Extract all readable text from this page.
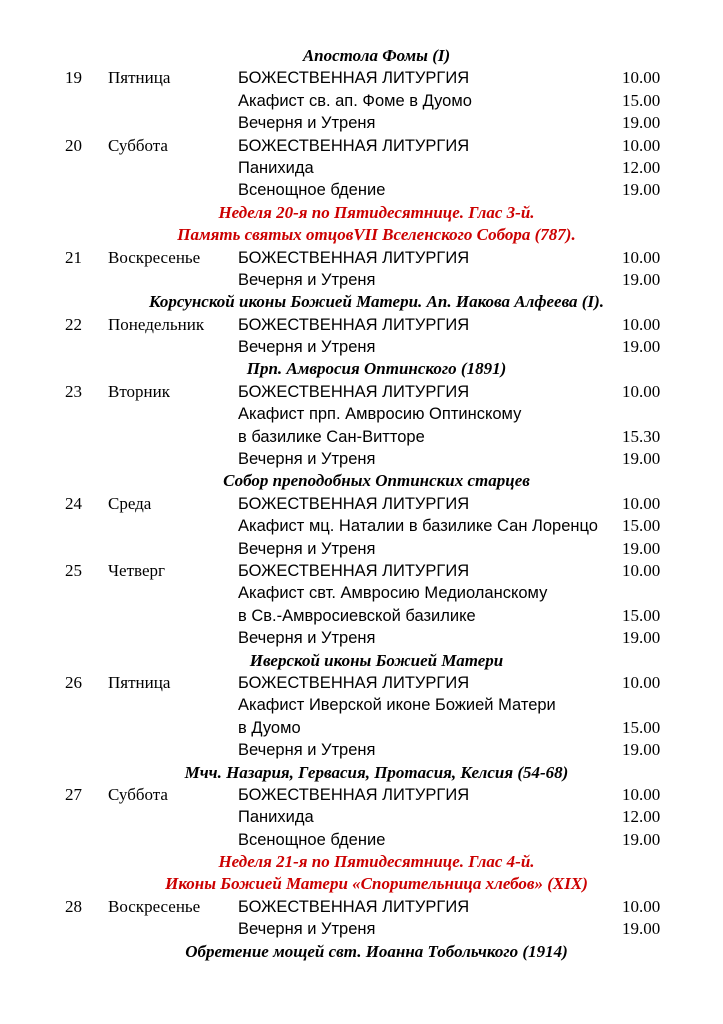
Апостола Фомы (I)
19 Пятница	БОЖЕСТВЕННАЯ ЛИТУРГИЯ	10.00
Акафист св. ап. Фоме в Дуомо	15.00
Вечерня и Утреня	19.00
20 Суббота	БОЖЕСТВЕННАЯ ЛИТУРГИЯ	10.00
Панихида	12.00
Всенощное бдение	19.00
Неделя 20-я по Пятидесятнице. Глас 3-й.
Память святых отцовVII Вселенского Собора (787).
21 Воскресенье БОЖЕСТВЕННАЯ ЛИТУРГИЯ	10.00
Вечерня и Утреня	19.00
Корсунской иконы Божией Матери. Ап. Иакова Алфеева (I).
22 Понедельник БОЖЕСТВЕННАЯ ЛИТУРГИЯ	10.00
Вечерня и Утреня	19.00
Прп. Амвросия Оптинского (1891)
23 Вторник	БОЖЕСТВЕННАЯ ЛИТУРГИЯ	10.00
Акафист прп. Амвросию Оптинскому
в базилике Сан-Витторе	15.30
Вечерня и Утреня	19.00
Собор преподобных Оптинских старцев
24 Среда	БОЖЕСТВЕННАЯ ЛИТУРГИЯ	10.00
Акафист мц. Наталии в базилике Сан Лоренцо 15.00
Вечерня и Утреня	19.00
25 Четверг	БОЖЕСТВЕННАЯ ЛИТУРГИЯ	10.00
Акафист свт. Амвросию Медиоланскому
в Св.-Амвросиевской базилике	15.00
Вечерня и Утреня	19.00
Иверской иконы Божией Матери
26 Пятница	БОЖЕСТВЕННАЯ ЛИТУРГИЯ	10.00
Акафист Иверской иконе Божией Матери
в Дуомо	15.00
Вечерня и Утреня	19.00
Мчч. Назария, Гервасия, Протасия, Келсия (54-68)
27 Суббота	БОЖЕСТВЕННАЯ ЛИТУРГИЯ	10.00
Панихида	12.00
Всенощное бдение	19.00
Неделя 21-я по Пятидесятнице. Глас 4-й.
Иконы Божией Матери «Спорительница хлебов» (XIX)
28 Воскресенье БОЖЕСТВЕННАЯ ЛИТУРГИЯ	10.00
Вечерня и Утреня	19.00
Обретение мощей свт. Иоанна Тобольчкого (1914)
